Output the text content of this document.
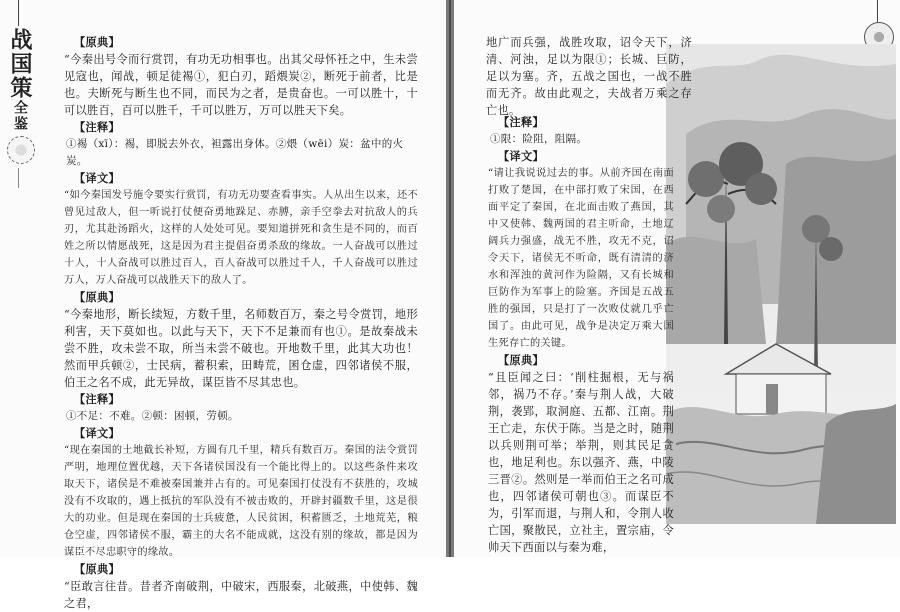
战国策全鉴

【原典】

“今秦出号令而行赏罚，有功无功相事也。出其父母怀衽之中，生未尝见寇也，闻战，顿足徒裼①，犯白刃，蹈煨炭②，断死于前者，比是也。夫断死与断生也不同，而民为之者，是贵奋也。一可以胜十，十可以胜百，百可以胜千，千可以胜万，万可以胜天下矣。

【注释】

①裼（xī）：裼，即脱去外衣，袒露出身体。②煨（wēi）炭：盆中的火炭。

【译文】

“如今秦国发号施令要实行赏罚，有功无功要查看事实。人从出生以来，还不曾见过敌人，但一听说打仗便奋勇地跺足、赤膊，亲手空拳去对抗敌人的兵刃，尤其赴汤蹈火，这样的人处处可见。要知道拼死和贪生是不同的，而百姓之所以情愿战死，这是因为君主提倡奋勇杀敌的缘故。一人奋战可以胜过十人，十人奋战可以胜过百人，百人奋战可以胜过千人，千人奋战可以胜过万人，万人奋战可以战胜天下的敌人了。

【原典】

“今秦地形，断长续短，方数千里，名师数百万，秦之号令赏罚，地形利害，天下莫如也。以此与天下，天下不足兼而有也①。是故秦战未尝不胜，攻未尝不取，所当未尝不破也。开地数千里，此其大功也！然而甲兵顿②，士民病，蓄积索，田畴荒，囷仓虚，四邻诸侯不服，伯王之名不成，此无异故，谋臣皆不尽其忠也。

【注释】

①不足：不难。②顿：困顿，劳顿。

【译文】

“现在秦国的土地截长补短，方圆有几千里，精兵有数百万。秦国的法令赏罚严明，地理位置优越，天下各诸侯国没有一个能比得上的。以这些条件来攻取天下，诸侯是不难被秦国兼并占有的。可见秦国打仗没有不获胜的，攻城没有不攻取的，遇上抵抗的军队没有不被击败的，开辟封疆数千里，这是很大的功业。但是现在秦国的士兵疲惫，人民贫困，积蓄匮乏，土地荒芜，粮仓空虚，四邻诸侯不服，霸主的大名不能成就，这没有别的缘故，都是因为谋臣不尽忠职守的缘故。

【原典】

“臣敢言往昔。昔者齐南破荆，中破宋，西服秦，北破燕，中使韩、魏之君，

地广而兵强，战胜攻取，诏令天下，济清、河浊，足以为限①；长城、巨防，足以为塞。齐，五战之国也，一战不胜而无齐。故由此观之，夫战者万乘之存亡也。

【注释】

①限：险阻，阻隔。

【译文】

“请让我说说过去的事。从前齐国在南面打败了楚国，在中部打败了宋国，在西面平定了秦国，在北面击败了燕国，其中又使韩、魏两国的君主听命，土地辽阔兵力强盛，战无不胜，攻无不克，诏令天下，诸侯无不听命，既有清清的济水和浑浊的黄河作为险隔，又有长城和巨防作为军事上的险塞。齐国是五战五胜的强国，只是打了一次败仗就几乎亡国了。由此可见，战争是决定万乘大国生死存亡的关键。

【原典】

“且臣闻之曰：‘削柱掘根，无与祸邻，祸乃不存。’秦与荆人战，大破荆，袭郢，取洞庭、五都、江南。荆王亡走，东伏于陈。当是之时，随荆以兵则荆可举；举荆，则其民足贪也，地足利也。东以强齐、燕，中陵三晋②。然则是一举而伯王之名可成也，四邻诸侯可朝也③。而谋臣不为，引军而退，与荆人和，令荆人收亡国，聚散民，立社主，置宗庙，令帅天下西面以与秦为难，
